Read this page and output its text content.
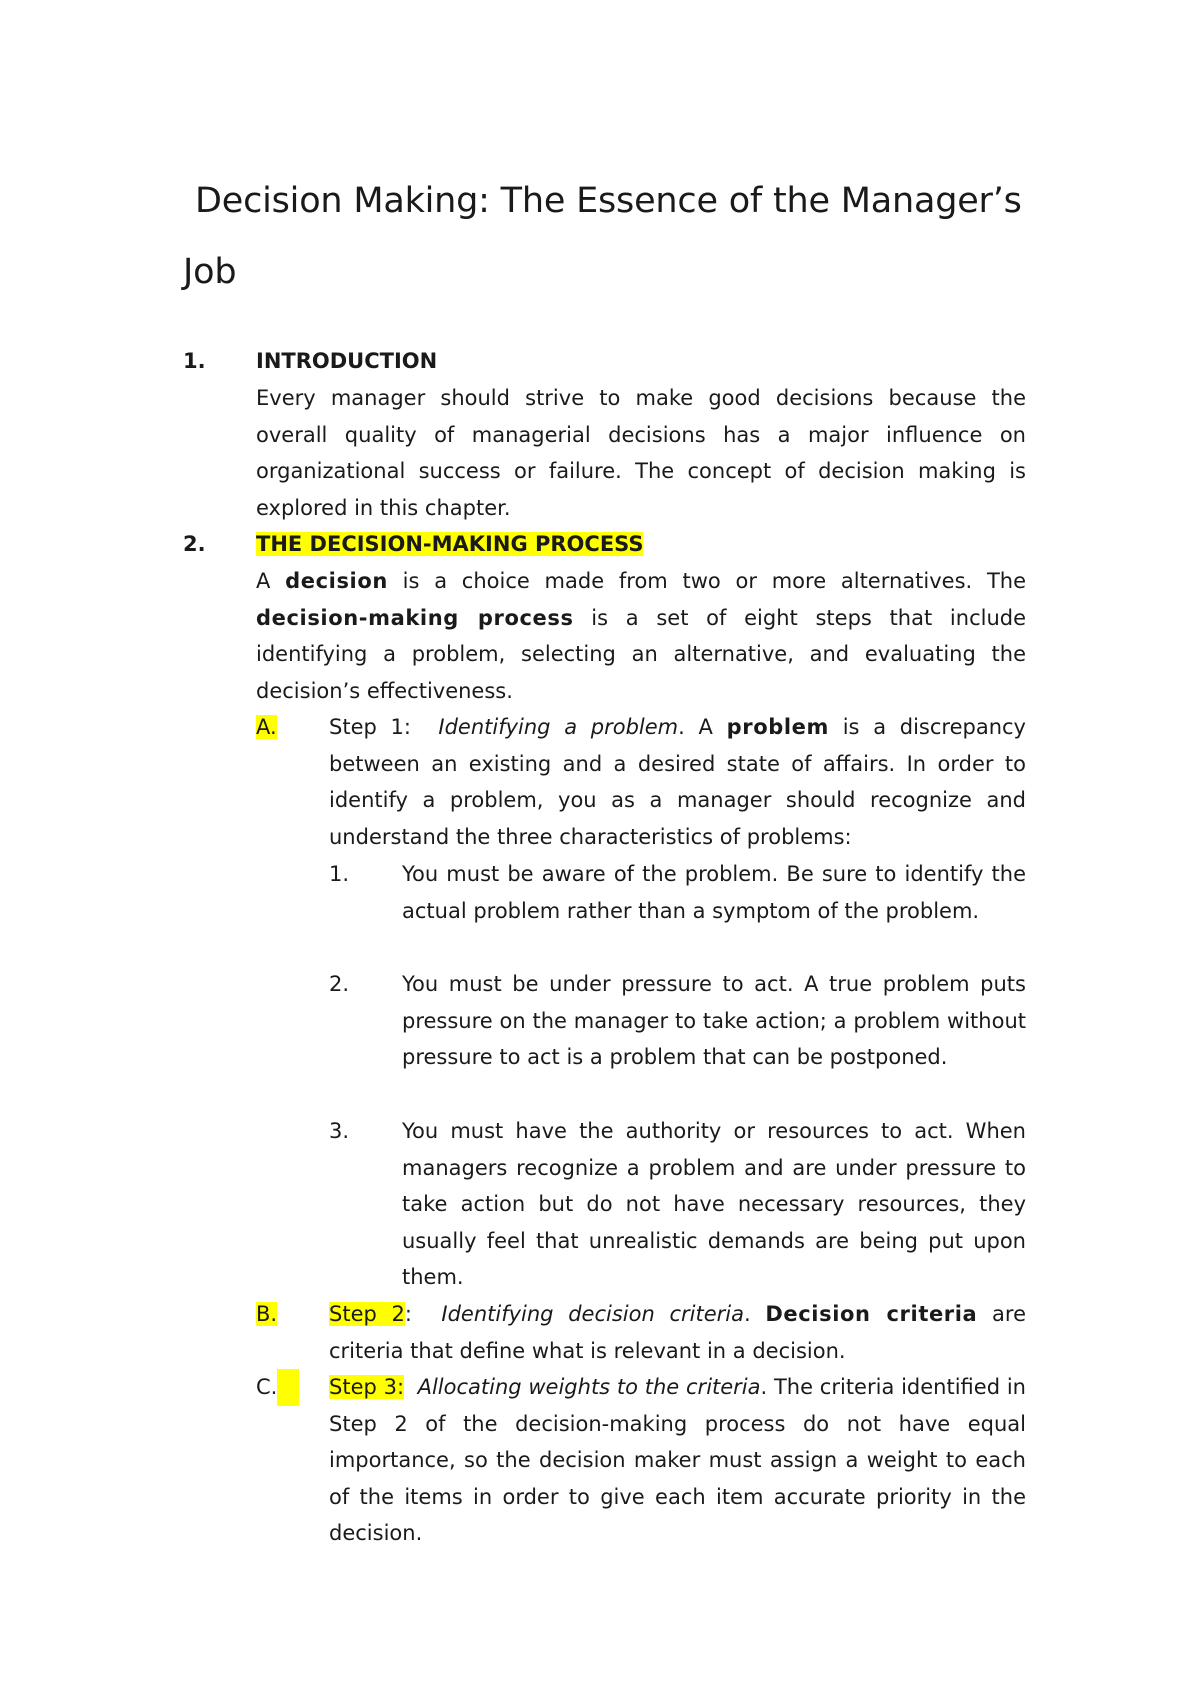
Decision Making: The Essence of the Manager’s
Job

1. INTRODUCTION

Every manager should strive to make good decisions because the overall quality of managerial decisions has a major influence on organizational success or failure. The concept of decision making is explored in this chapter.

2. THE DECISION-MAKING PROCESS

A decision is a choice made from two or more alternatives. The decision-making process is a set of eight steps that include identifying a problem, selecting an alternative, and evaluating the decision’s effectiveness.

A. Step 1: Identifying a problem. A problem is a discrepancy between an existing and a desired state of affairs. In order to identify a problem, you as a manager should recognize and understand the three characteristics of problems:

1.	You must be aware of the problem. Be sure to identify the actual problem rather than a symptom of the problem.

2.	You must be under pressure to act. A true problem puts pressure on the manager to take action; a problem without pressure to act is a problem that can be postponed.

3.	You must have the authority or resources to act. When managers recognize a problem and are under pressure to take action but do not have necessary resources, they usually feel that unrealistic demands are being put upon them.

B. Step 2: Identifying decision criteria. Decision criteria are criteria that define what is relevant in a decision.

C.	Step 3: Allocating weights to the criteria. The criteria identified in   Step 2 of the decision-making process do not have equal importance, so the decision maker must assign a weight to each of the items in order to give each item accurate priority in the decision.
